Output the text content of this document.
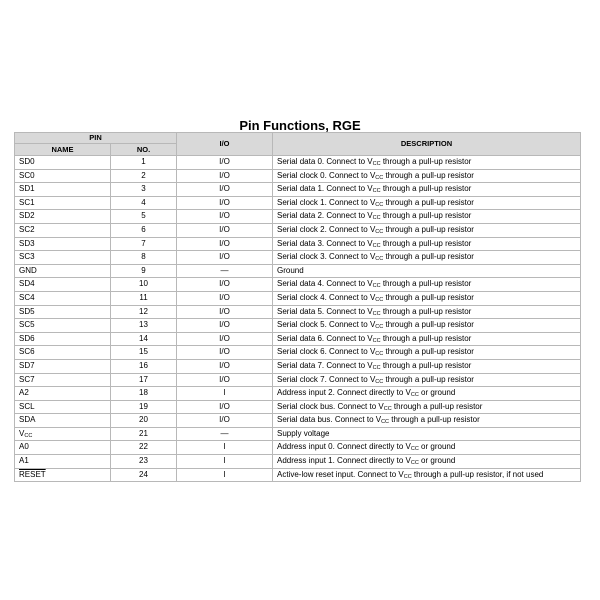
Pin Functions, RGE
PIN		I/O	DESCRIPTION
NAME	NO.		
SD0	1	I/O	Serial data 0. Connect to $V_{CC}$ through a pull-up resistor
SC0	2	I/O	Serial clock 0. Connect to $V_{CC}$ through a pull-up resistor
SD1	3	I/O	Serial data 1. Connect to $V_{CC}$ through a pull-up resistor
SC1	4	I/O	Serial clock 1. Connect to $V_{CC}$ through a pull-up resistor
SD2	5	I/O	Serial data 2. Connect to $V_{CC}$ through a pull-up resistor
SC2	6	I/O	Serial clock 2. Connect to $V_{CC}$ through a pull-up resistor
SD3	7	I/O	Serial data 3. Connect to $V_{CC}$ through a pull-up resistor
SC3	8	I/O	Serial clock 3. Connect to $V_{CC}$ through a pull-up resistor
GND	9	—	Ground
SD4	10	I/O	Serial data 4. Connect to $V_{CC}$ through a pull-up resistor
SC4	11	I/O	Serial clock 4. Connect to $V_{CC}$ through a pull-up resistor
SD5	12	I/O	Serial data 5. Connect to $V_{CC}$ through a pull-up resistor
SC5	13	I/O	Serial clock 5. Connect to $V_{CC}$ through a pull-up resistor
SD6	14	I/O	Serial data 6. Connect to $V_{CC}$ through a pull-up resistor
SC6	15	I/O	Serial clock 6. Connect to $V_{CC}$ through a pull-up resistor
SD7	16	I/O	Serial data 7. Connect to $V_{CC}$ through a pull-up resistor
SC7	17	I/O	Serial clock 7. Connect to $V_{CC}$ through a pull-up resistor
A2	18	I	Address input 2. Connect directly to $V_{CC}$ or ground
SCL	19	I/O	Serial clock bus. Connect to $V_{CC}$ through a pull-up resistor
SDA	20	I/O	Serial data bus. Connect to $V_{CC}$ through a pull-up resistor
$V_{CC}$	21	—	Supply voltage
A0	22	I	Address input 0. Connect directly to $V_{CC}$ or ground
A1	23	I	Address input 1. Connect directly to $V_{CC}$ or ground
RESET	24	I	Active-low reset input. Connect to $V_{CC}$ through a pull-up resistor, if not used
